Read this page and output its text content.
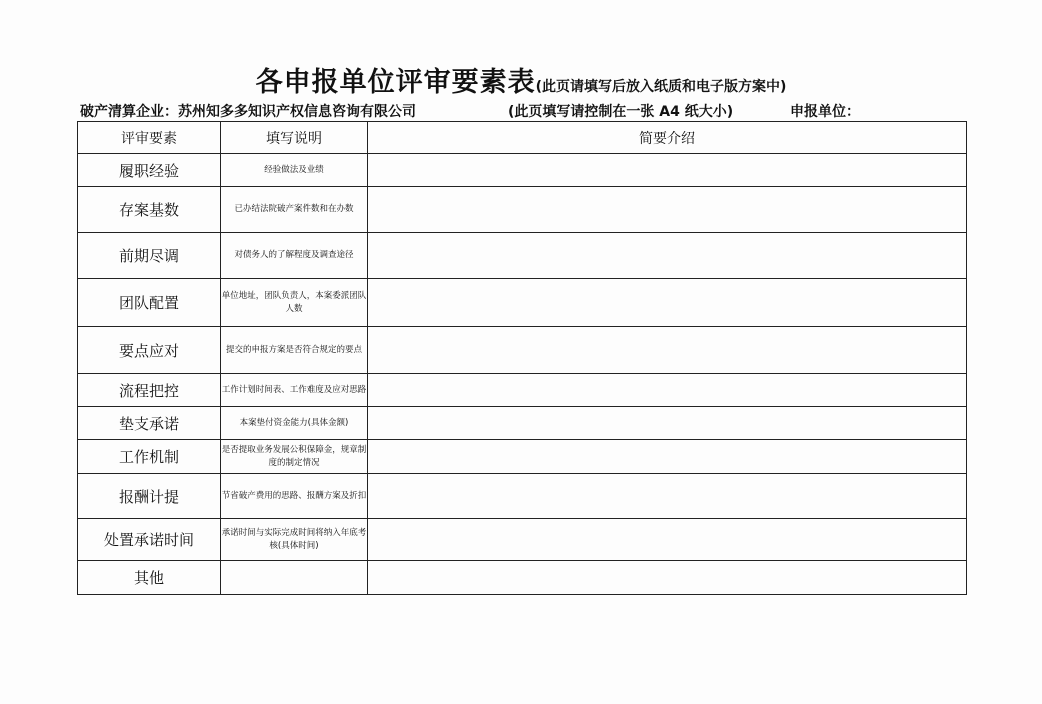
各申报单位评审要素表(此页请填写后放入纸质和电子版方案中)
破产清算企业：苏州知多多知识产权信息咨询有限公司	(此页填写请控制在一张 A4 纸大小)	申报单位：
评审要素	填写说明	简要介绍
履职经验	经验做法及业绩	
存案基数	已办结法院破产案件数和在办数	
前期尽调	对债务人的了解程度及调查途径	
团队配置	单位地址，团队负责人，本案委派团队人数	
要点应对	提交的申报方案是否符合规定的要点	
流程把控	工作计划时间表、工作难度及应对思路	
垫支承诺	本案垫付资金能力(具体金额)	
工作机制	是否提取业务发展公积保障金，规章制度的制定情况	
报酬计提	节省破产费用的思路、报酬方案及折扣	
处置承诺时间	承诺时间与实际完成时间将纳入年底考核(具体时间)	
其他		
